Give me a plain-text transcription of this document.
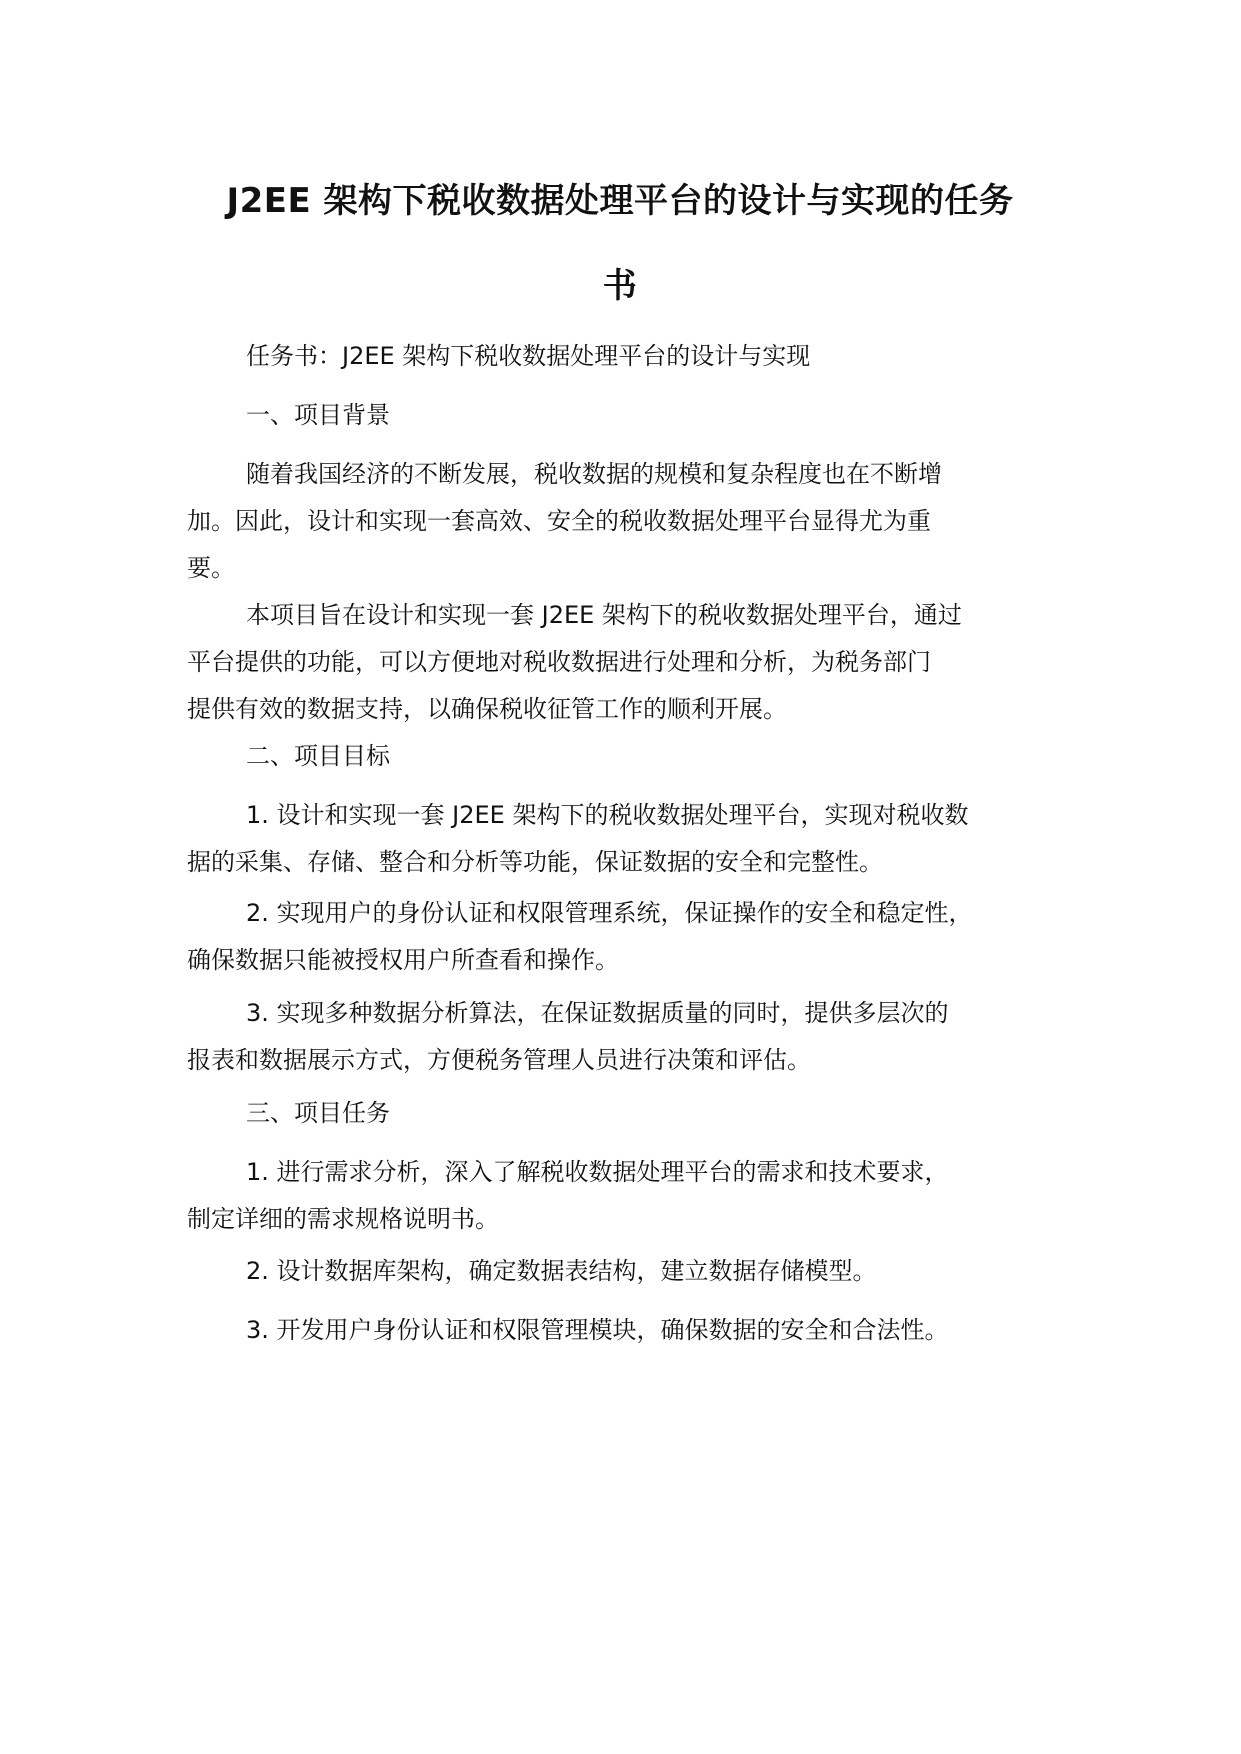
J2EE 架构下税收数据处理平台的设计与实现的任务
书
任务书：J2EE 架构下税收数据处理平台的设计与实现
一、项目背景
随着我国经济的不断发展，税收数据的规模和复杂程度也在不断增
加。因此，设计和实现一套高效、安全的税收数据处理平台显得尤为重
要。
本项目旨在设计和实现一套 J2EE 架构下的税收数据处理平台，通过
平台提供的功能，可以方便地对税收数据进行处理和分析，为税务部门
提供有效的数据支持，以确保税收征管工作的顺利开展。
二、项目目标
1. 设计和实现一套 J2EE 架构下的税收数据处理平台，实现对税收数
据的采集、存储、整合和分析等功能，保证数据的安全和完整性。
2. 实现用户的身份认证和权限管理系统，保证操作的安全和稳定性，
确保数据只能被授权用户所查看和操作。
3. 实现多种数据分析算法，在保证数据质量的同时，提供多层次的
报表和数据展示方式，方便税务管理人员进行决策和评估。
三、项目任务
1. 进行需求分析，深入了解税收数据处理平台的需求和技术要求，
制定详细的需求规格说明书。
2. 设计数据库架构，确定数据表结构，建立数据存储模型。
3. 开发用户身份认证和权限管理模块，确保数据的安全和合法性。
